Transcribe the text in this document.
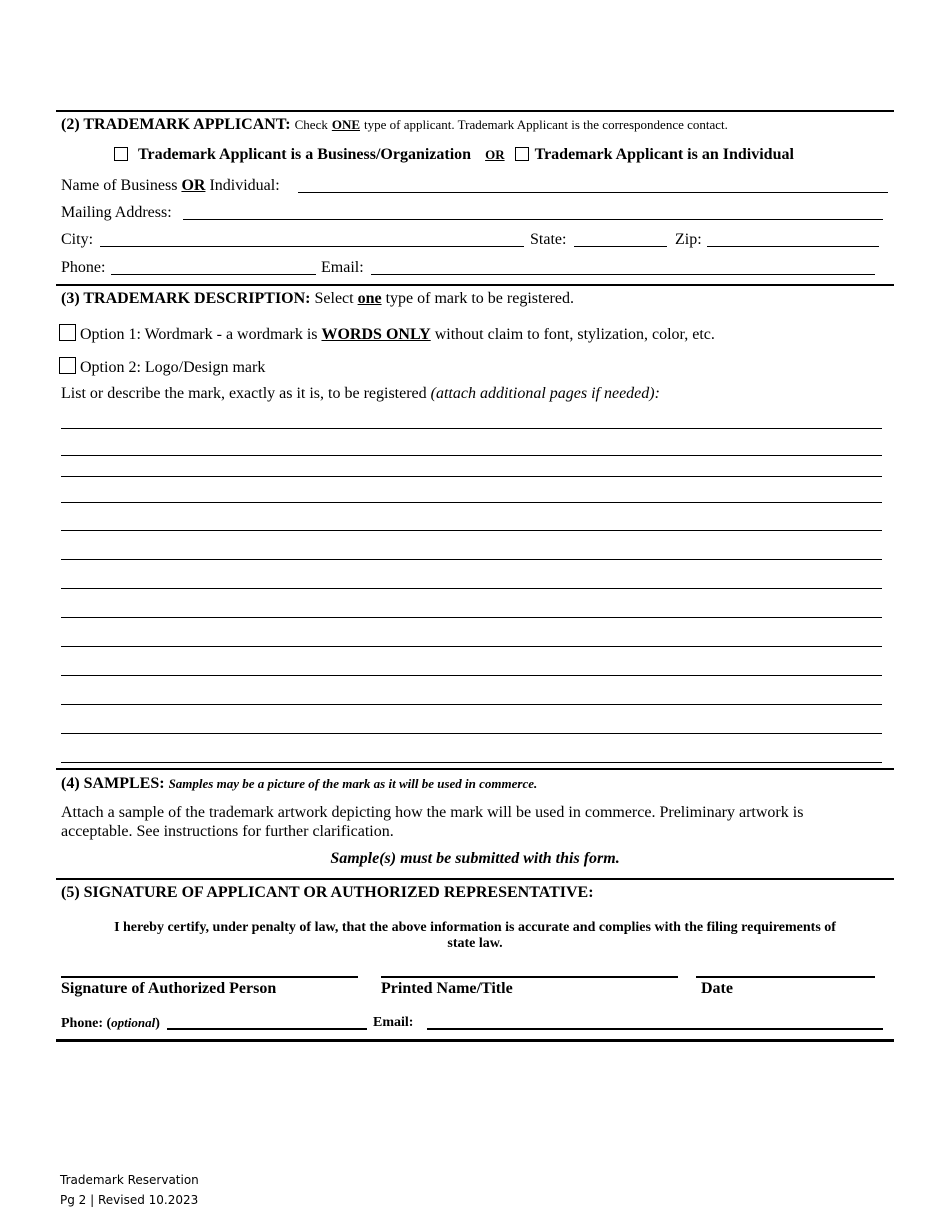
(2) TRADEMARK APPLICANT: Check ONE type of applicant. Trademark Applicant is the correspondence contact.
Trademark Applicant is a Business/Organization OR Trademark Applicant is an Individual
Name of Business OR Individual:
Mailing Address:
City:	State:	Zip:
Phone:	Email:
(3) TRADEMARK DESCRIPTION: Select one type of mark to be registered.
Option 1: Wordmark - a wordmark is WORDS ONLY without claim to font, stylization, color, etc.
Option 2: Logo/Design mark
List or describe the mark, exactly as it is, to be registered (attach additional pages if needed):
(4) SAMPLES: Samples may be a picture of the mark as it will be used in commerce.
Attach a sample of the trademark artwork depicting how the mark will be used in commerce. Preliminary artwork is
acceptable. See instructions for further clarification.
Sample(s) must be submitted with this form.
(5) SIGNATURE OF APPLICANT OR AUTHORIZED REPRESENTATIVE:
I hereby certify, under penalty of law, that the above information is accurate and complies with the filing requirements of
state law.
Signature of Authorized Person	Printed Name/Title	Date
Phone: (optional)	Email:
Trademark Reservation
Pg 2 | Revised 10.2023
